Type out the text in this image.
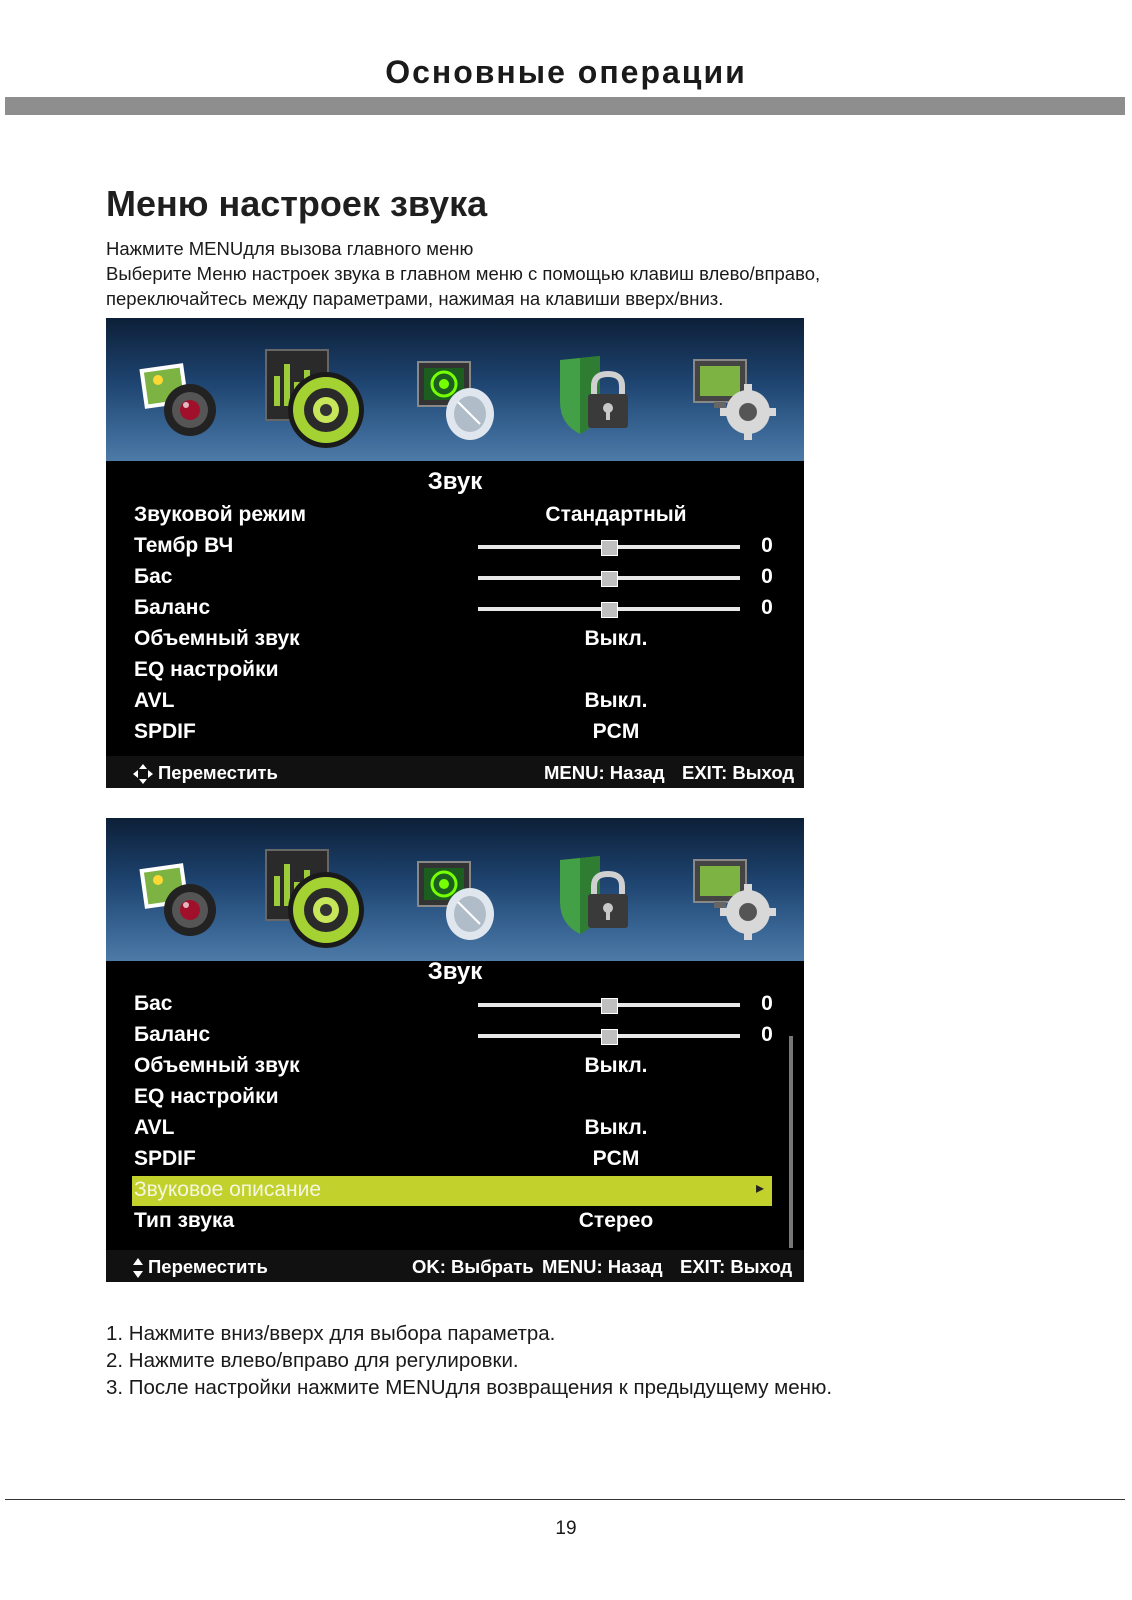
Основные операции
Меню настроек звука
Нажмите MENUдля вызова главного меню
Выберите Меню настроек звука в главном меню с помощью клавиш влево/вправо,
переключайтесь между параметрами, нажимая на клавиши вверх/вниз.
Звук
Звуковой режим	Стандартный
Тембр ВЧ	0
Бас	0
Баланс	0
Объемный звук	Выкл.
EQ настройки
AVL	Выкл.
SPDIF	PCM
Переместить	MENU: Назад EXIT: Выход
Звук
Бас	0
Баланс	0
Объемный звук	Выкл.
EQ настройки
AVL	Выкл.
SPDIF	PCM
Звуковое описание	▸
Тип звука	Стерео
Переместить	OK: Выбрать MENU: Назад EXIT: Выход
1. Нажмите вниз/вверх для выбора параметра.
2. Нажмите влево/вправо для регулировки.
3. После настройки нажмите MENUдля возвращения к предыдущему меню.
19
